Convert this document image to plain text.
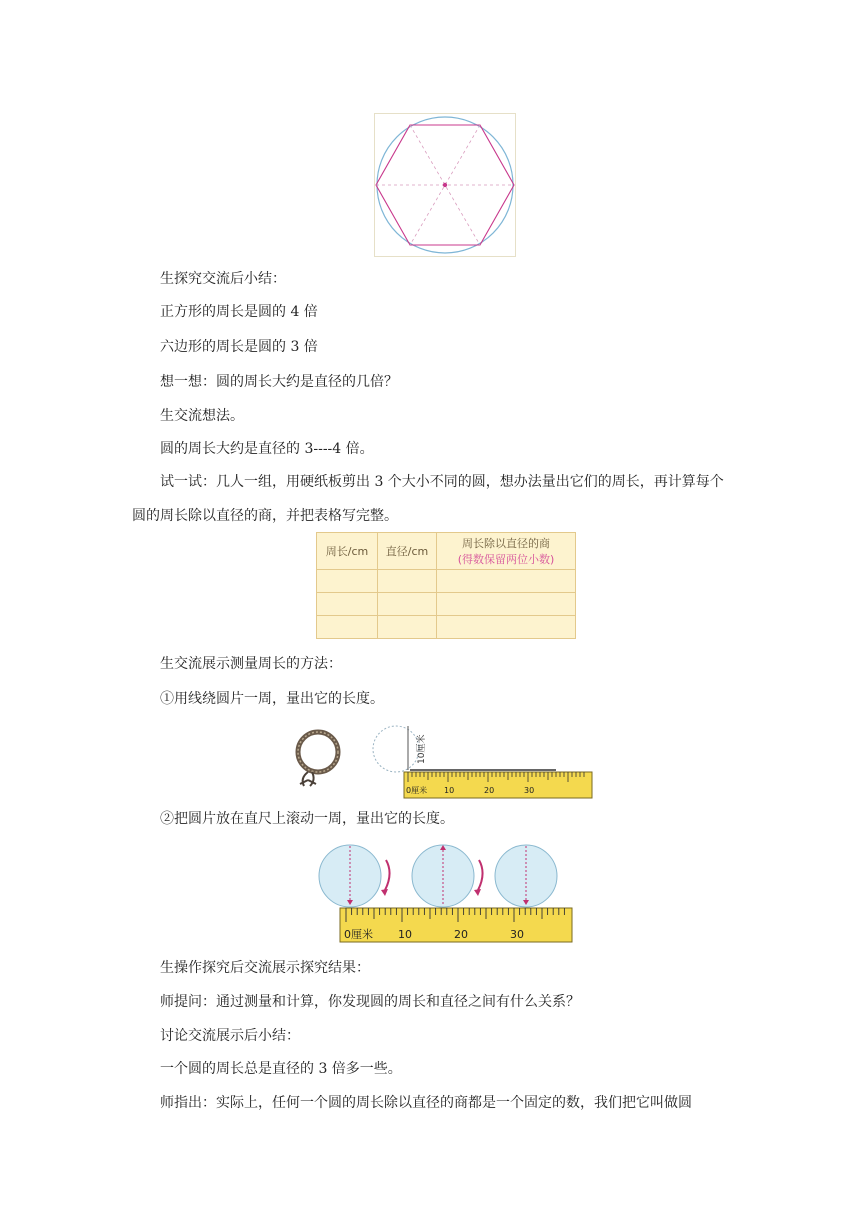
生探究交流后小结：
正方形的周长是圆的 4 倍
六边形的周长是圆的 3 倍
想一想：圆的周长大约是直径的几倍？
生交流想法。
圆的周长大约是直径的 3----4 倍。
试一试：几人一组，用硬纸板剪出 3 个大小不同的圆，想办法量出它们的周长，再计算每个圆的周长除以直径的商，并把表格写完整。
周长/cm	直径/cm	周长除以直径的商
(得数保留两位小数)

生交流展示测量周长的方法：
①用线绕圆片一周，量出它的长度。
10厘米
0厘米 10	20	30
②把圆片放在直尺上滚动一周，量出它的长度。
0厘米 10	20	30
生操作探究后交流展示探究结果：
师提问：通过测量和计算，你发现圆的周长和直径之间有什么关系？
讨论交流展示后小结：
一个圆的周长总是直径的 3 倍多一些。
师指出：实际上，任何一个圆的周长除以直径的商都是一个固定的数，我们把它叫做圆
